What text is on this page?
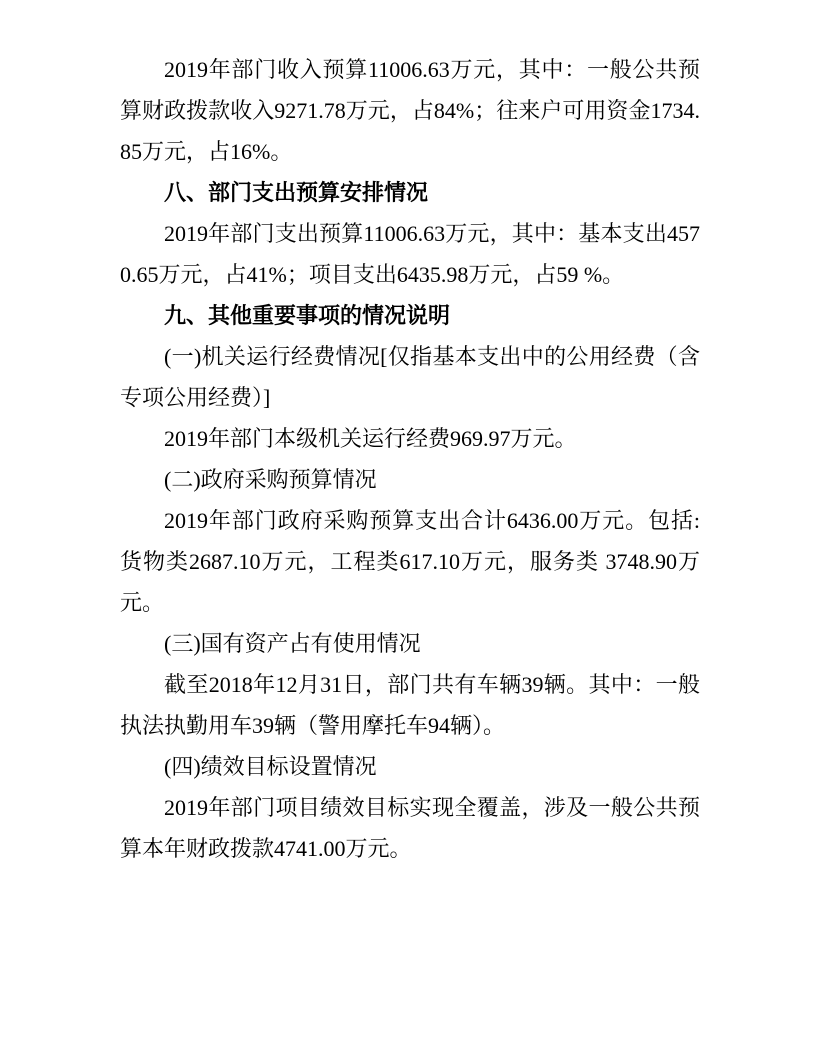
2019年部门收入预算11006.63万元，其中：一般公共预算财政拨款收入9271.78万元，占84%；往来户可用资金1734.85万元，占16%。

八、部门支出预算安排情况

2019年部门支出预算11006.63万元，其中：基本支出4570.65万元，占41%；项目支出6435.98万元，占59 %。

九、其他重要事项的情况说明

(一)机关运行经费情况[仅指基本支出中的公用经费（含专项公用经费）]

2019年部门本级机关运行经费969.97万元。

(二)政府采购预算情况

2019年部门政府采购预算支出合计6436.00万元。包括:货物类2687.10万元，工程类617.10万元，服务类 3748.90万元。

(三)国有资产占有使用情况

截至2018年12月31日，部门共有车辆39辆。其中：一般执法执勤用车39辆（警用摩托车94辆）。

(四)绩效目标设置情况

2019年部门项目绩效目标实现全覆盖，涉及一般公共预算本年财政拨款4741.00万元。
